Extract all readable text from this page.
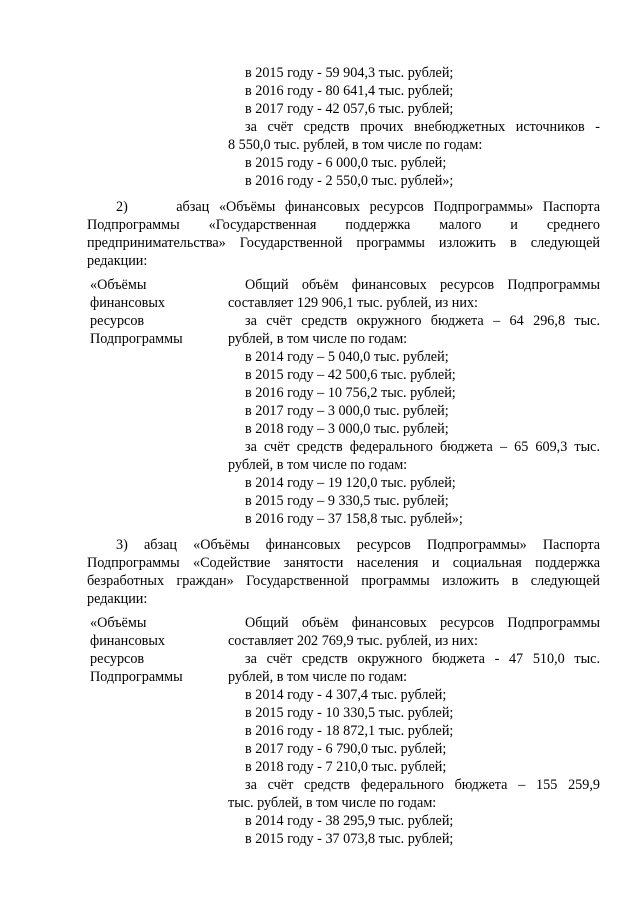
в 2015 году - 59 904,3 тыс. рублей;
в 2016 году - 80 641,4 тыс. рублей;
в 2017 году - 42 057,6 тыс. рублей;
за счёт средств прочих внебюджетных источников -
8 550,0 тыс. рублей, в том числе по годам:
в 2015 году - 6 000,0 тыс. рублей;
в 2016 году - 2 550,0 тыс. рублей»;
2)     абзац «Объёмы финансовых ресурсов Подпрограммы» Паспорта
Подпрограммы «Государственная поддержка малого и среднего
предпринимательства» Государственной программы изложить в следующей
редакции:
«Объёмы
финансовых
ресурсов
Подпрограммы
Общий объём финансовых ресурсов Подпрограммы
составляет 129 906,1 тыс. рублей, из них:
за счёт средств окружного бюджета – 64 296,8 тыс.
рублей, в том числе по годам:
в 2014 году – 5 040,0 тыс. рублей;
в 2015 году – 42 500,6 тыс. рублей;
в 2016 году – 10 756,2 тыс. рублей;
в 2017 году – 3 000,0 тыс. рублей;
в 2018 году – 3 000,0 тыс. рублей;
за счёт средств федерального бюджета – 65 609,3 тыс.
рублей, в том числе по годам:
в 2014 году – 19 120,0 тыс. рублей;
в 2015 году – 9 330,5 тыс. рублей;
в 2016 году – 37 158,8 тыс. рублей»;
3) абзац «Объёмы финансовых ресурсов Подпрограммы» Паспорта
Подпрограммы «Содействие занятости населения и социальная поддержка
безработных граждан» Государственной программы изложить в следующей
редакции:
«Объёмы
финансовых
ресурсов
Подпрограммы
Общий объём финансовых ресурсов Подпрограммы
составляет 202 769,9 тыс. рублей, из них:
за счёт средств окружного бюджета - 47 510,0 тыс.
рублей, в том числе по годам:
в 2014 году - 4 307,4 тыс. рублей;
в 2015 году - 10 330,5 тыс. рублей;
в 2016 году - 18 872,1 тыс. рублей;
в 2017 году - 6 790,0 тыс. рублей;
в 2018 году - 7 210,0 тыс. рублей;
за счёт средств федерального бюджета – 155 259,9
тыс. рублей, в том числе по годам:
в 2014 году - 38 295,9 тыс. рублей;
в 2015 году - 37 073,8 тыс. рублей;
